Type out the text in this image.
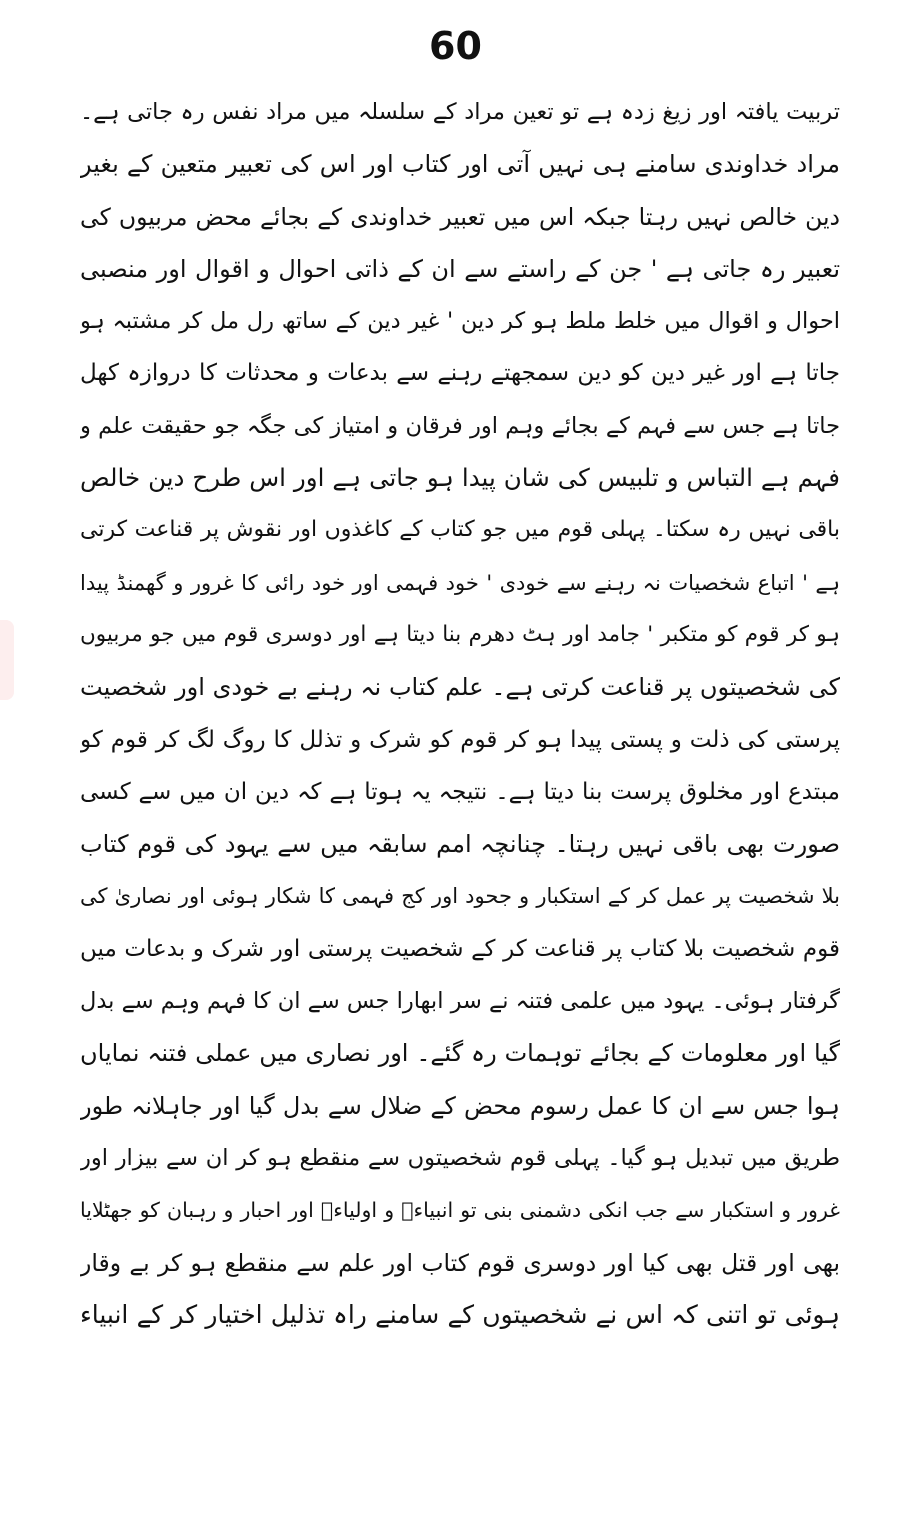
60
تربیت یافتہ اور زیغ زدہ ہے تو تعین مراد کے سلسلہ میں مراد نفس رہ جاتی ہے۔
مراد خداوندی سامنے ہی نہیں آتی اور کتاب اور اس کی تعبیر متعین کے بغیر
دین خالص نہیں رہتا جبکہ اس میں تعبیر خداوندی کے بجائے محض مربیوں کی
تعبیر رہ جاتی ہے ' جن کے راستے سے ان کے ذاتی احوال و اقوال اور منصبی
احوال و اقوال میں خلط ملط ہو کر دین ' غیر دین کے ساتھ رل مل کر مشتبہ ہو
جاتا ہے اور غیر دین کو دین سمجھتے رہنے سے بدعات و محدثات کا دروازہ کھل
جاتا ہے جس سے فہم کے بجائے وہم اور فرقان و امتیاز کی جگہ جو حقیقت علم و
فہم ہے التباس و تلبیس کی شان پیدا ہو جاتی ہے اور اس طرح دین خالص
باقی نہیں رہ سکتا۔ پہلی قوم میں جو کتاب کے کاغذوں اور نقوش پر قناعت کرتی
ہے ' اتباع شخصیات نہ رہنے سے خودی ' خود فہمی اور خود رائی کا غرور و گھمنڈ پیدا
ہو کر قوم کو متکبر ' جامد اور ہٹ دھرم بنا دیتا ہے اور دوسری قوم میں جو مربیوں
کی شخصیتوں پر قناعت کرتی ہے۔ علم کتاب نہ رہنے بے خودی اور شخصیت
پرستی کی ذلت و پستی پیدا ہو کر قوم کو شرک و تذلل کا روگ لگ کر قوم کو
مبتدع اور مخلوق پرست بنا دیتا ہے۔ نتیجہ یہ ہوتا ہے کہ دین ان میں سے کسی
صورت بھی باقی نہیں رہتا۔ چنانچہ امم سابقہ میں سے یہود کی قوم کتاب
بلا شخصیت پر عمل کر کے استکبار و جحود اور کج فہمی کا شکار ہوئی اور نصاریٰ کی
قوم شخصیت بلا کتاب پر قناعت کر کے شخصیت پرستی اور شرک و بدعات میں
گرفتار ہوئی۔ یہود میں علمی فتنہ نے سر ابھارا جس سے ان کا فہم وہم سے بدل
گیا اور معلومات کے بجائے توہمات رہ گئے۔ اور نصاری میں عملی فتنہ نمایاں
ہوا جس سے ان کا عمل رسوم محض کے ضلال سے بدل گیا اور جاہلانہ طور
طریق میں تبدیل ہو گیا۔ پہلی قوم شخصیتوں سے منقطع ہو کر ان سے بیزار اور
غرور و استکبار سے جب انکی دشمنی بنی تو انبیاءؑ و اولیاءؒ اور احبار و رہبان کو جھٹلایا
بھی اور قتل بھی کیا اور دوسری قوم کتاب اور علم سے منقطع ہو کر بے وقار
ہوئی تو اتنی کہ اس نے شخصیتوں کے سامنے راہ تذلیل اختیار کر کے انبیاء
